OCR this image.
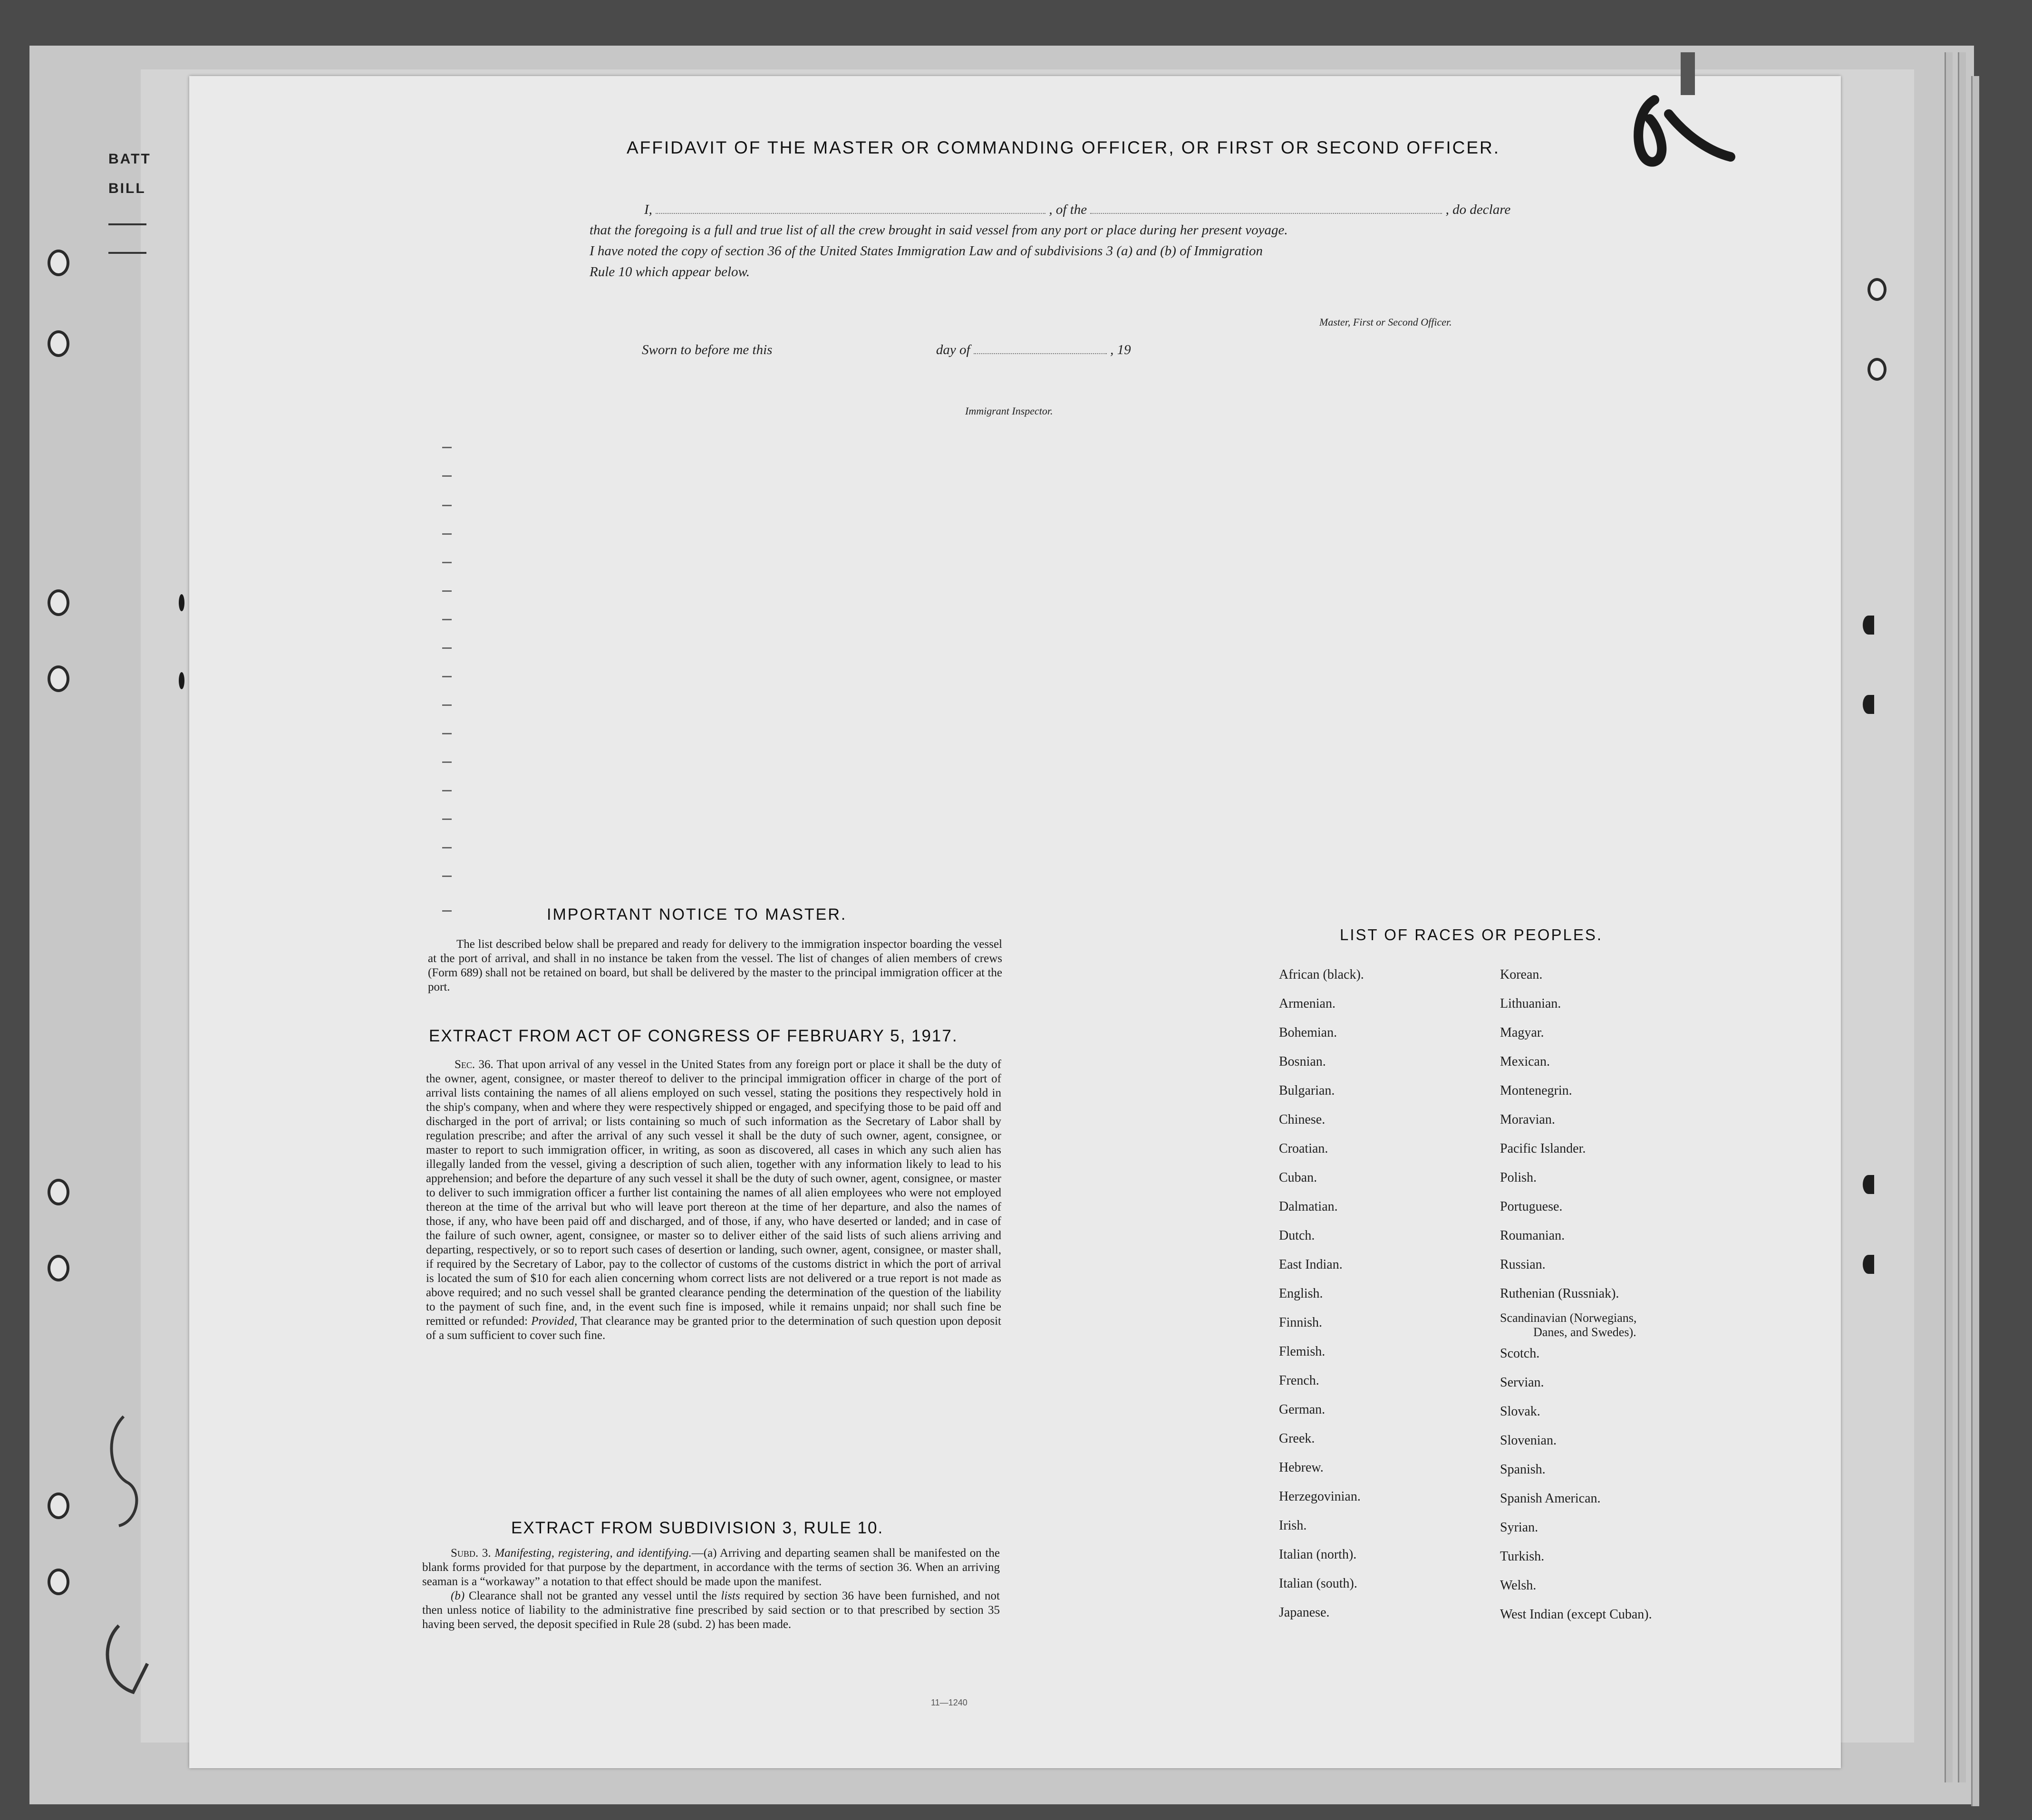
BATT
BILL
AFFIDAVIT OF THE MASTER OR COMMANDING OFFICER, OR FIRST OR SECOND OFFICER.
I,	, of the	, do declare
that the foregoing is a full and true list of all the crew brought in said vessel from any port or place during her present voyage.
I have noted the copy of section 36 of the United States Immigration Law and of subdivisions 3 (a) and (b) of Immigration
Rule 10 which appear below.
Master, First or Second Officer.
Sworn to before me this	day of	, 19
Immigrant Inspector.
IMPORTANT NOTICE TO MASTER.

The list described below shall be prepared and ready for delivery to the immigration inspector boarding the vessel at the port of arrival, and shall in no instance be taken from the vessel. The list of changes of alien members of crews (Form 689) shall not be retained on board, but shall be delivered by the master to the principal immigration officer at the port.

EXTRACT FROM ACT OF CONGRESS OF FEBRUARY 5, 1917.

Sec. 36. That upon arrival of any vessel in the United States from any foreign port or place it shall be the duty of the owner, agent, consignee, or master thereof to deliver to the principal immigration officer in charge of the port of arrival lists containing the names of all aliens employed on such vessel, stating the positions they respectively hold in the ship's company, when and where they were respectively shipped or engaged, and specifying those to be paid off and discharged in the port of arrival; or lists containing so much of such information as the Secretary of Labor shall by regulation prescribe; and after the arrival of any such vessel it shall be the duty of such owner, agent, consignee, or master to report to such immigration officer, in writing, as soon as discovered, all cases in which any such alien has illegally landed from the vessel, giving a description of such alien, together with any information likely to lead to his apprehension; and before the departure of any such vessel it shall be the duty of such owner, agent, consignee, or master to deliver to such immigration officer a further list containing the names of all alien employees who were not employed thereon at the time of the arrival but who will leave port thereon at the time of her departure, and also the names of those, if any, who have been paid off and discharged, and of those, if any, who have deserted or landed; and in case of the failure of such owner, agent, consignee, or master so to deliver either of the said lists of such aliens arriving and departing, respectively, or so to report such cases of desertion or landing, such owner, agent, consignee, or master shall, if required by the Secretary of Labor, pay to the collector of customs of the customs district in which the port of arrival is located the sum of $10 for each alien concerning whom correct lists are not delivered or a true report is not made as above required; and no such vessel shall be granted clearance pending the determination of the question of the liability to the payment of such fine, and, in the event such fine is imposed, while it remains unpaid; nor shall such fine be remitted or refunded: Provided, That clearance may be granted prior to the determination of such question upon deposit of a sum sufficient to cover such fine.

EXTRACT FROM SUBDIVISION 3, RULE 10.

Subd. 3. Manifesting, registering, and identifying.—(a) Arriving and departing seamen shall be manifested on the blank forms provided for that purpose by the department, in accordance with the terms of section 36. When an arriving seaman is a “workaway” a notation to that effect should be made upon the manifest.

(b) Clearance shall not be granted any vessel until the lists required by section 36 have been furnished, and not then unless notice of liability to the administrative fine prescribed by said section or to that prescribed by section 35 having been served, the deposit specified in Rule 28 (subd. 2) has been made.

11—1240
LIST OF RACES OR PEOPLES.
African (black).
Armenian.
Bohemian.
Bosnian.
Bulgarian.
Chinese.
Croatian.
Cuban.
Dalmatian.
Dutch.
East Indian.
English.
Finnish.
Flemish.
French.
German.
Greek.
Hebrew.
Herzegovinian.
Irish.
Italian (north).
Italian (south).
Japanese.
Korean.
Lithuanian.
Magyar.
Mexican.
Montenegrin.
Moravian.
Pacific Islander.
Polish.
Portuguese.
Roumanian.
Russian.
Ruthenian (Russniak).
Scandinavian (Norwegians,
Danes, and Swedes).
Scotch.
Servian.
Slovak.
Slovenian.
Spanish.
Spanish American.
Syrian.
Turkish.
Welsh.
West Indian (except Cuban).
